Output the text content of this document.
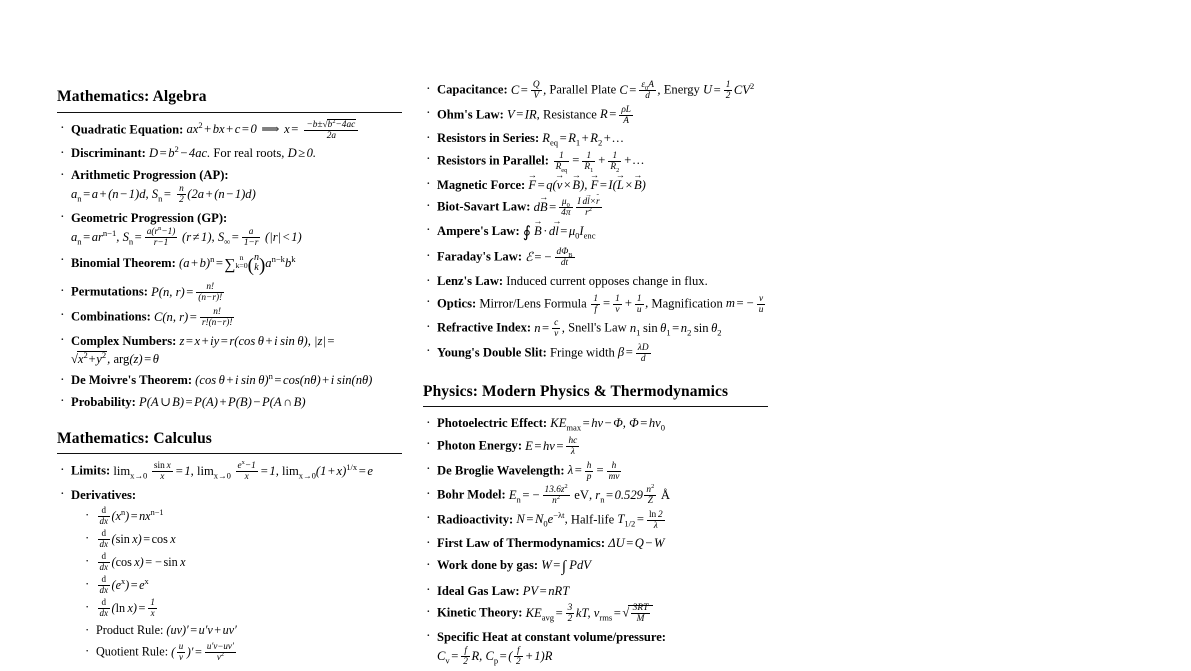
Mathematics: Algebra
· Quadratic Equation: $ax^2$ + bx + c = 0 ⟹ $x = \frac{-b\pm√b^2-4ac}{2a}$
· Discriminant: $D = b^2 - 4ac$. For real roots, D ≥ 0.
· Arithmetic Progression (AP): $a_n = a + (n - 1)d$, $S_n = \frac{n}{2} (2a + (n - 1)d)$
· Geometric Progression (GP): $a_n = ar^{n-1}$, $S_n = \frac{a(r^n-1)}{r-1} (r \ne 1)$, $S_\infty = \frac{a}{1-r} (|r| < 1)$
· Binomial Theorem: $(a + b)^n$ =∑ n
k=0( n
k )$a^{n-k}b^k$
· Permutations: P(n, $r) = \frac{n!}{(n-r)!}$
· Combinations: C(n, $r) = \frac{n!}{r!(n-r)!}$
· Complex Numbers: z = x + iy = r(cos θ + i sin θ), $|z| =√x^2+y^2$, arg(z) = θ
· De Moivre's Theorem: (cos θ + i sin θ)$^n$ = cos(nθ) + i sin(nθ)
· Probability: P(A ∪ B) = P(A) + P(B) − P(A ∩ B)
Mathematics: Calculus
· Limits: $\lim_{x\to 0} \frac{\text{sin x}}{x} = 1$, $\lim_{x\to 0} \frac{e^x-1}{x} = 1$, $\lim_{x\to 0}(1 + x)^{1/x} = e$
· Derivatives:
· $\frac{d}{dx} (x^n) = nx^{n-1}$
· $\frac{d}{dx} (\sin$ x) = cos x
· $\frac{d}{dx} (\cos$ x) = − sin x
· $\frac{d}{dx} (e^x) = e^x$
· $\frac{d}{dx} (\ln$ $x) = \frac{1}{x}$
· Product Rule: (uv)′ = u′v + uv′
· Quotient Rule: ( $\frac{u}{v}$ )′ = $\frac{u'v-uv'}{v^2}$
· Capacitance: $C = \frac{Q}{V}$ , Parallel Plate $C = \frac{\varepsilon_0A}{d}$ , Energy $U = \frac{1}{2} CV^2$
· Ohm's Law: V = IR, Resistance $R = \frac{\rho L}{A}$
· Resistors in Series: $R_{eq} = R_1 + R_2$ + …
· Resistors in Parallel: $\frac{1}{R_{eq}} = \frac{1}{R_1} + \frac{1}{R_2}$ + …
· Magnetic Force: F → = q(v → × B →), F → = I(L → × B →)
· Biot-Savart Law: dB → = $\frac{\mu_0}{4\pi} \frac{\text{I dl →×r ˆ}}{r^2}$
· Ampere's Law: ∮ B → · dl → = $\mu_0I_{enc}$
· Faraday's Law: ℰ = − $\frac{d\Phi_B}{dt}$
· Lenz's Law: Induced current opposes change in flux.
· Optics: Mirror/Lens Formula $\frac{1}{f} = \frac{1}{v} + \frac{1}{u}$ , Magnification m = − $\frac{v}{u}$
· Refractive Index: $n = \frac{c}{v}$ , Snell's Law $n_1$  $\sin \theta_1 = n_2$  $\sin \theta_2$
· Young's Double Slit: Fringe width $\beta = \frac{\lambda D}{d}$
Physics: Modern Physics & Thermodynamics
· Photoelectric Effect: $KE_{max} = h\nu - \Phi$, $\Phi = h\nu_0$
· Photon Energy: $E = h\nu = \frac{hc}{\lambda}$
· De Broglie Wavelength: $\lambda = \frac{h}{p} = \frac{h}{mv}$
· Bohr Model: $E_n$ = − $\frac{13.6z^2}{n^2}$ eV, $r_n = 0.529 \frac{n^2}{Z}$ Å
· Radioactivity: $N = N_0e^{-\lambda t}$, Half-life $T_{1/2} = \frac{\ln 2}{\lambda}$
· First Law of Thermodynamics: ΔU = Q − W
· Work done by gas: W =∫ PdV
· Ideal Gas Law: PV = nRT
· Kinetic Theory: $KE_{avg} = \frac{3}{2}$ kT, $v_{rms}$ = √ $\frac{3RT}{M}$
· Specific Heat at constant volume/pressure: $C_v = \frac{f}{2} R$, $C_p$ = ( $\frac{f}{2} + 1)R$
